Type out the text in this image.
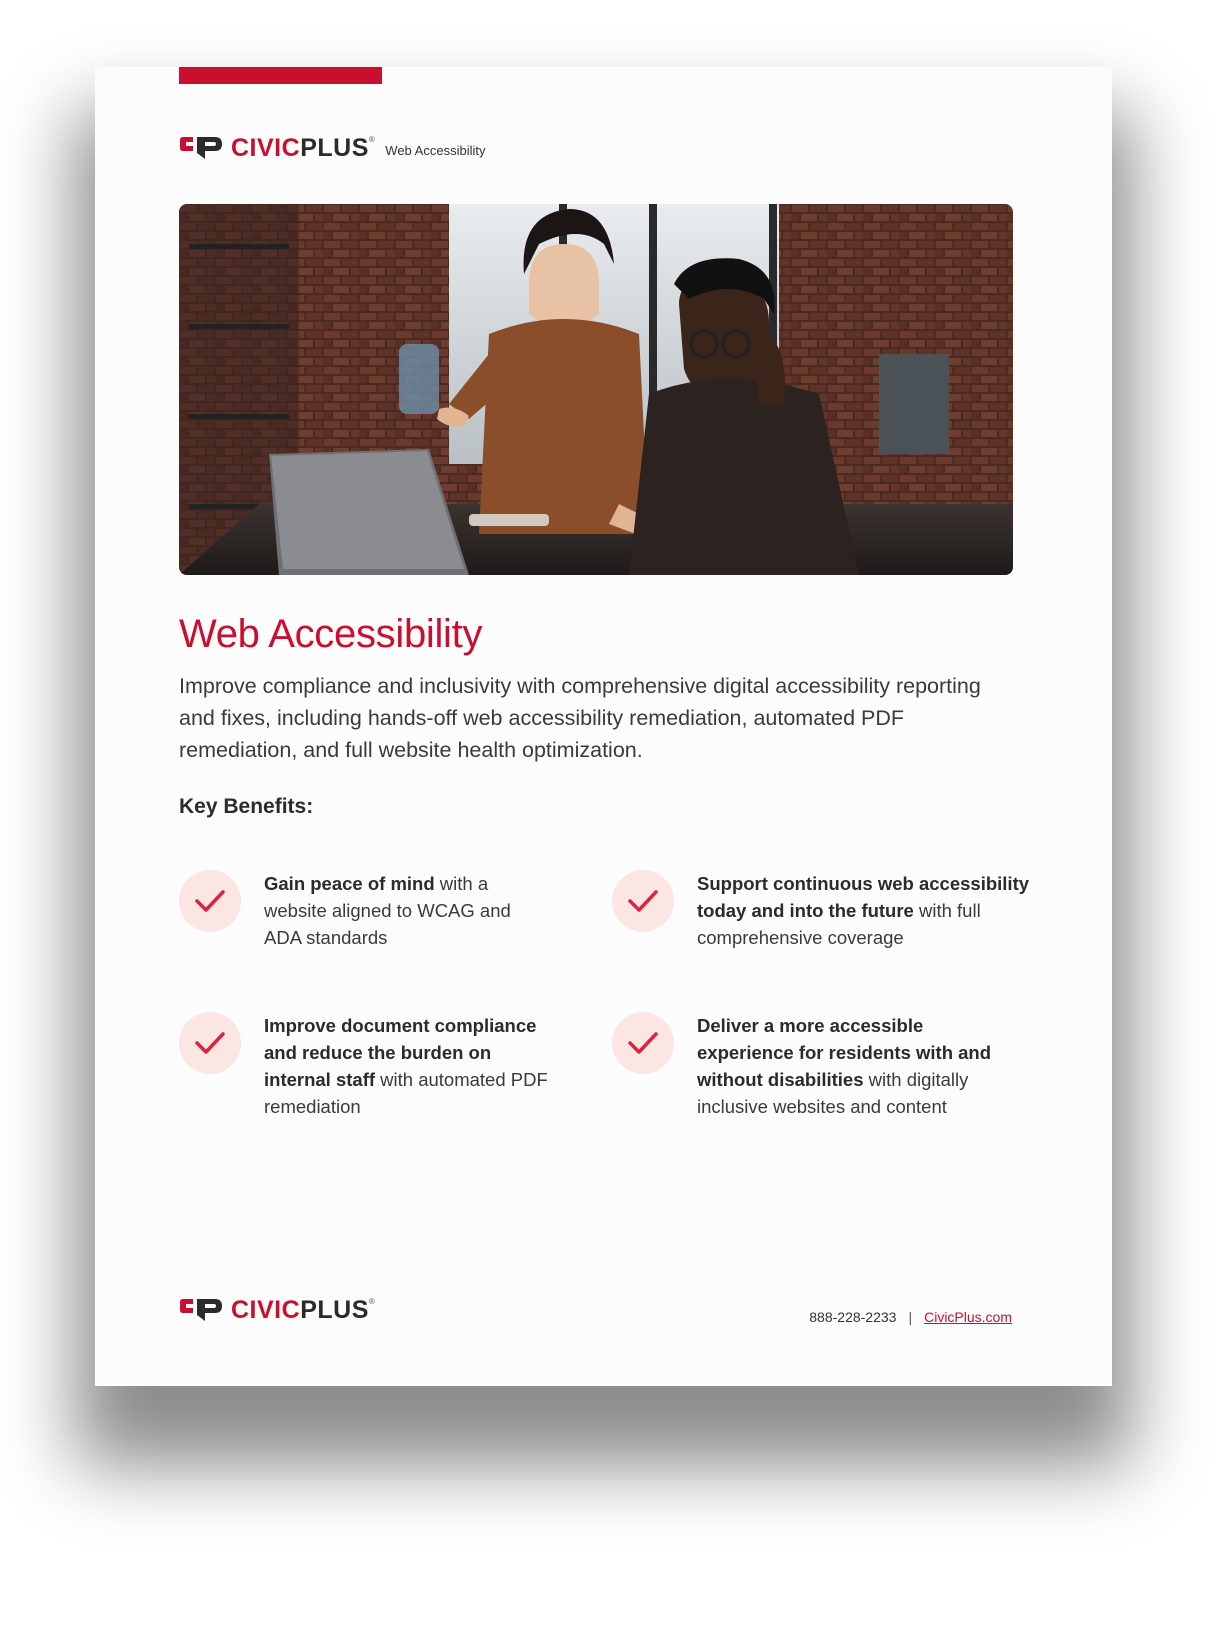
CIVICPLUS®
Web Accessibility
Web Accessibility

Improve compliance and inclusivity with comprehensive digital accessibility reporting and fixes, including hands-off web accessibility remediation, automated PDF remediation, and full website health optimization.

Key Benefits:
Gain peace of mind with a website aligned to WCAG and ADA standards
Support continuous web accessibility today and into the future with full comprehensive coverage
Improve document compliance and reduce the burden on internal staff with automated PDF remediation
Deliver a more accessible experience for residents with and without disabilities with digitally inclusive websites and content
CIVICPLUS®
888-228-2233 | CivicPlus.com
